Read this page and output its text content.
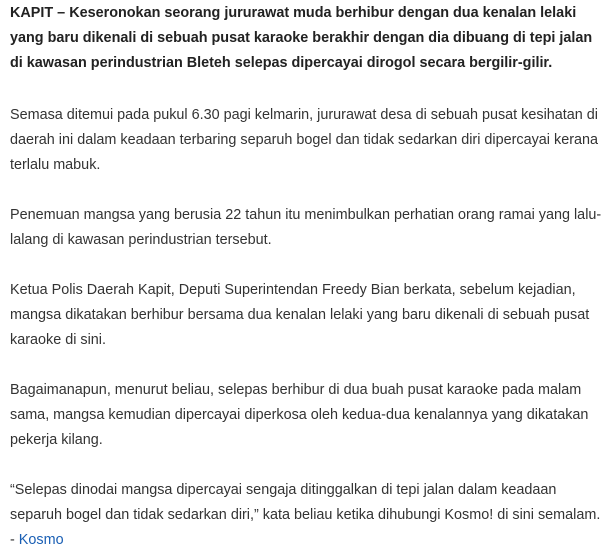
KAPIT – Keseronokan seorang jururawat muda berhibur dengan dua kenalan lelaki yang baru dikenali di sebuah pusat karaoke berakhir dengan dia dibuang di tepi jalan di kawasan perindustrian Bleteh selepas dipercayai dirogol secara bergilir-gilir.

Semasa ditemui pada pukul 6.30 pagi kelmarin, jururawat desa di sebuah pusat kesihatan di daerah ini dalam keadaan terbaring separuh bogel dan tidak sedarkan diri dipercayai kerana terlalu mabuk.

Penemuan mangsa yang berusia 22 tahun itu menimbulkan perhatian orang ramai yang lalu-lalang di kawasan perindustrian tersebut.

Ketua Polis Daerah Kapit, Deputi Superintendan Freedy Bian berkata, sebelum kejadian, mangsa dikatakan berhibur bersama dua kenalan lelaki yang baru dikenali di sebuah pusat karaoke di sini.

Bagaimanapun, menurut beliau, selepas berhibur di dua buah pusat karaoke pada malam sama, mangsa kemudian dipercayai diperkosa oleh kedua-dua kenalannya yang dikatakan pekerja kilang.

“Selepas dinodai mangsa dipercayai sengaja ditinggalkan di tepi jalan dalam keadaan separuh bogel dan tidak sedarkan diri,” kata beliau ketika dihubungi Kosmo! di sini semalam.
- Kosmo
